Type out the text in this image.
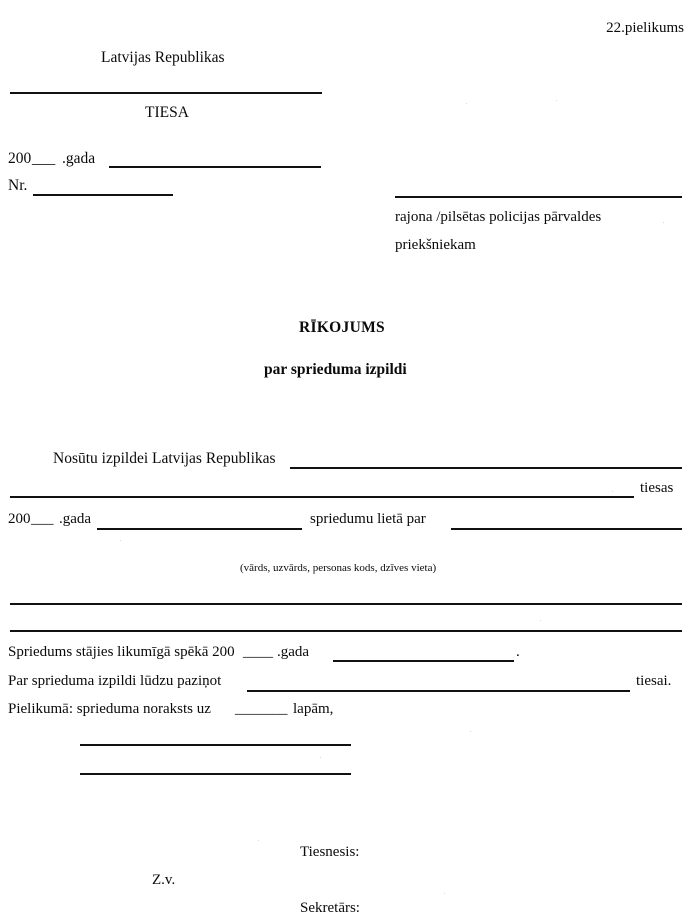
22.pielikums
Latvijas Republikas
TIESA
200 ___ .gada
Nr.
rajona /pilsētas policijas pārvaldes
priekšniekam
RĪKOJUMS
par sprieduma izpildi
Nosūtu izpildei Latvijas Republikas
tiesas
200 ___ .gada	spriedumu lietā par
(vārds, uzvārds, personas kods, dzīves vieta)
Spriedums stājies likumīgā spēkā 200 ____ .gada	.
Par sprieduma izpildi lūdzu paziņot	tiesai.
Pielikumā: sprieduma noraksts uz _______ lapām,
Tiesnesis:
Z.v.
Sekretārs:
